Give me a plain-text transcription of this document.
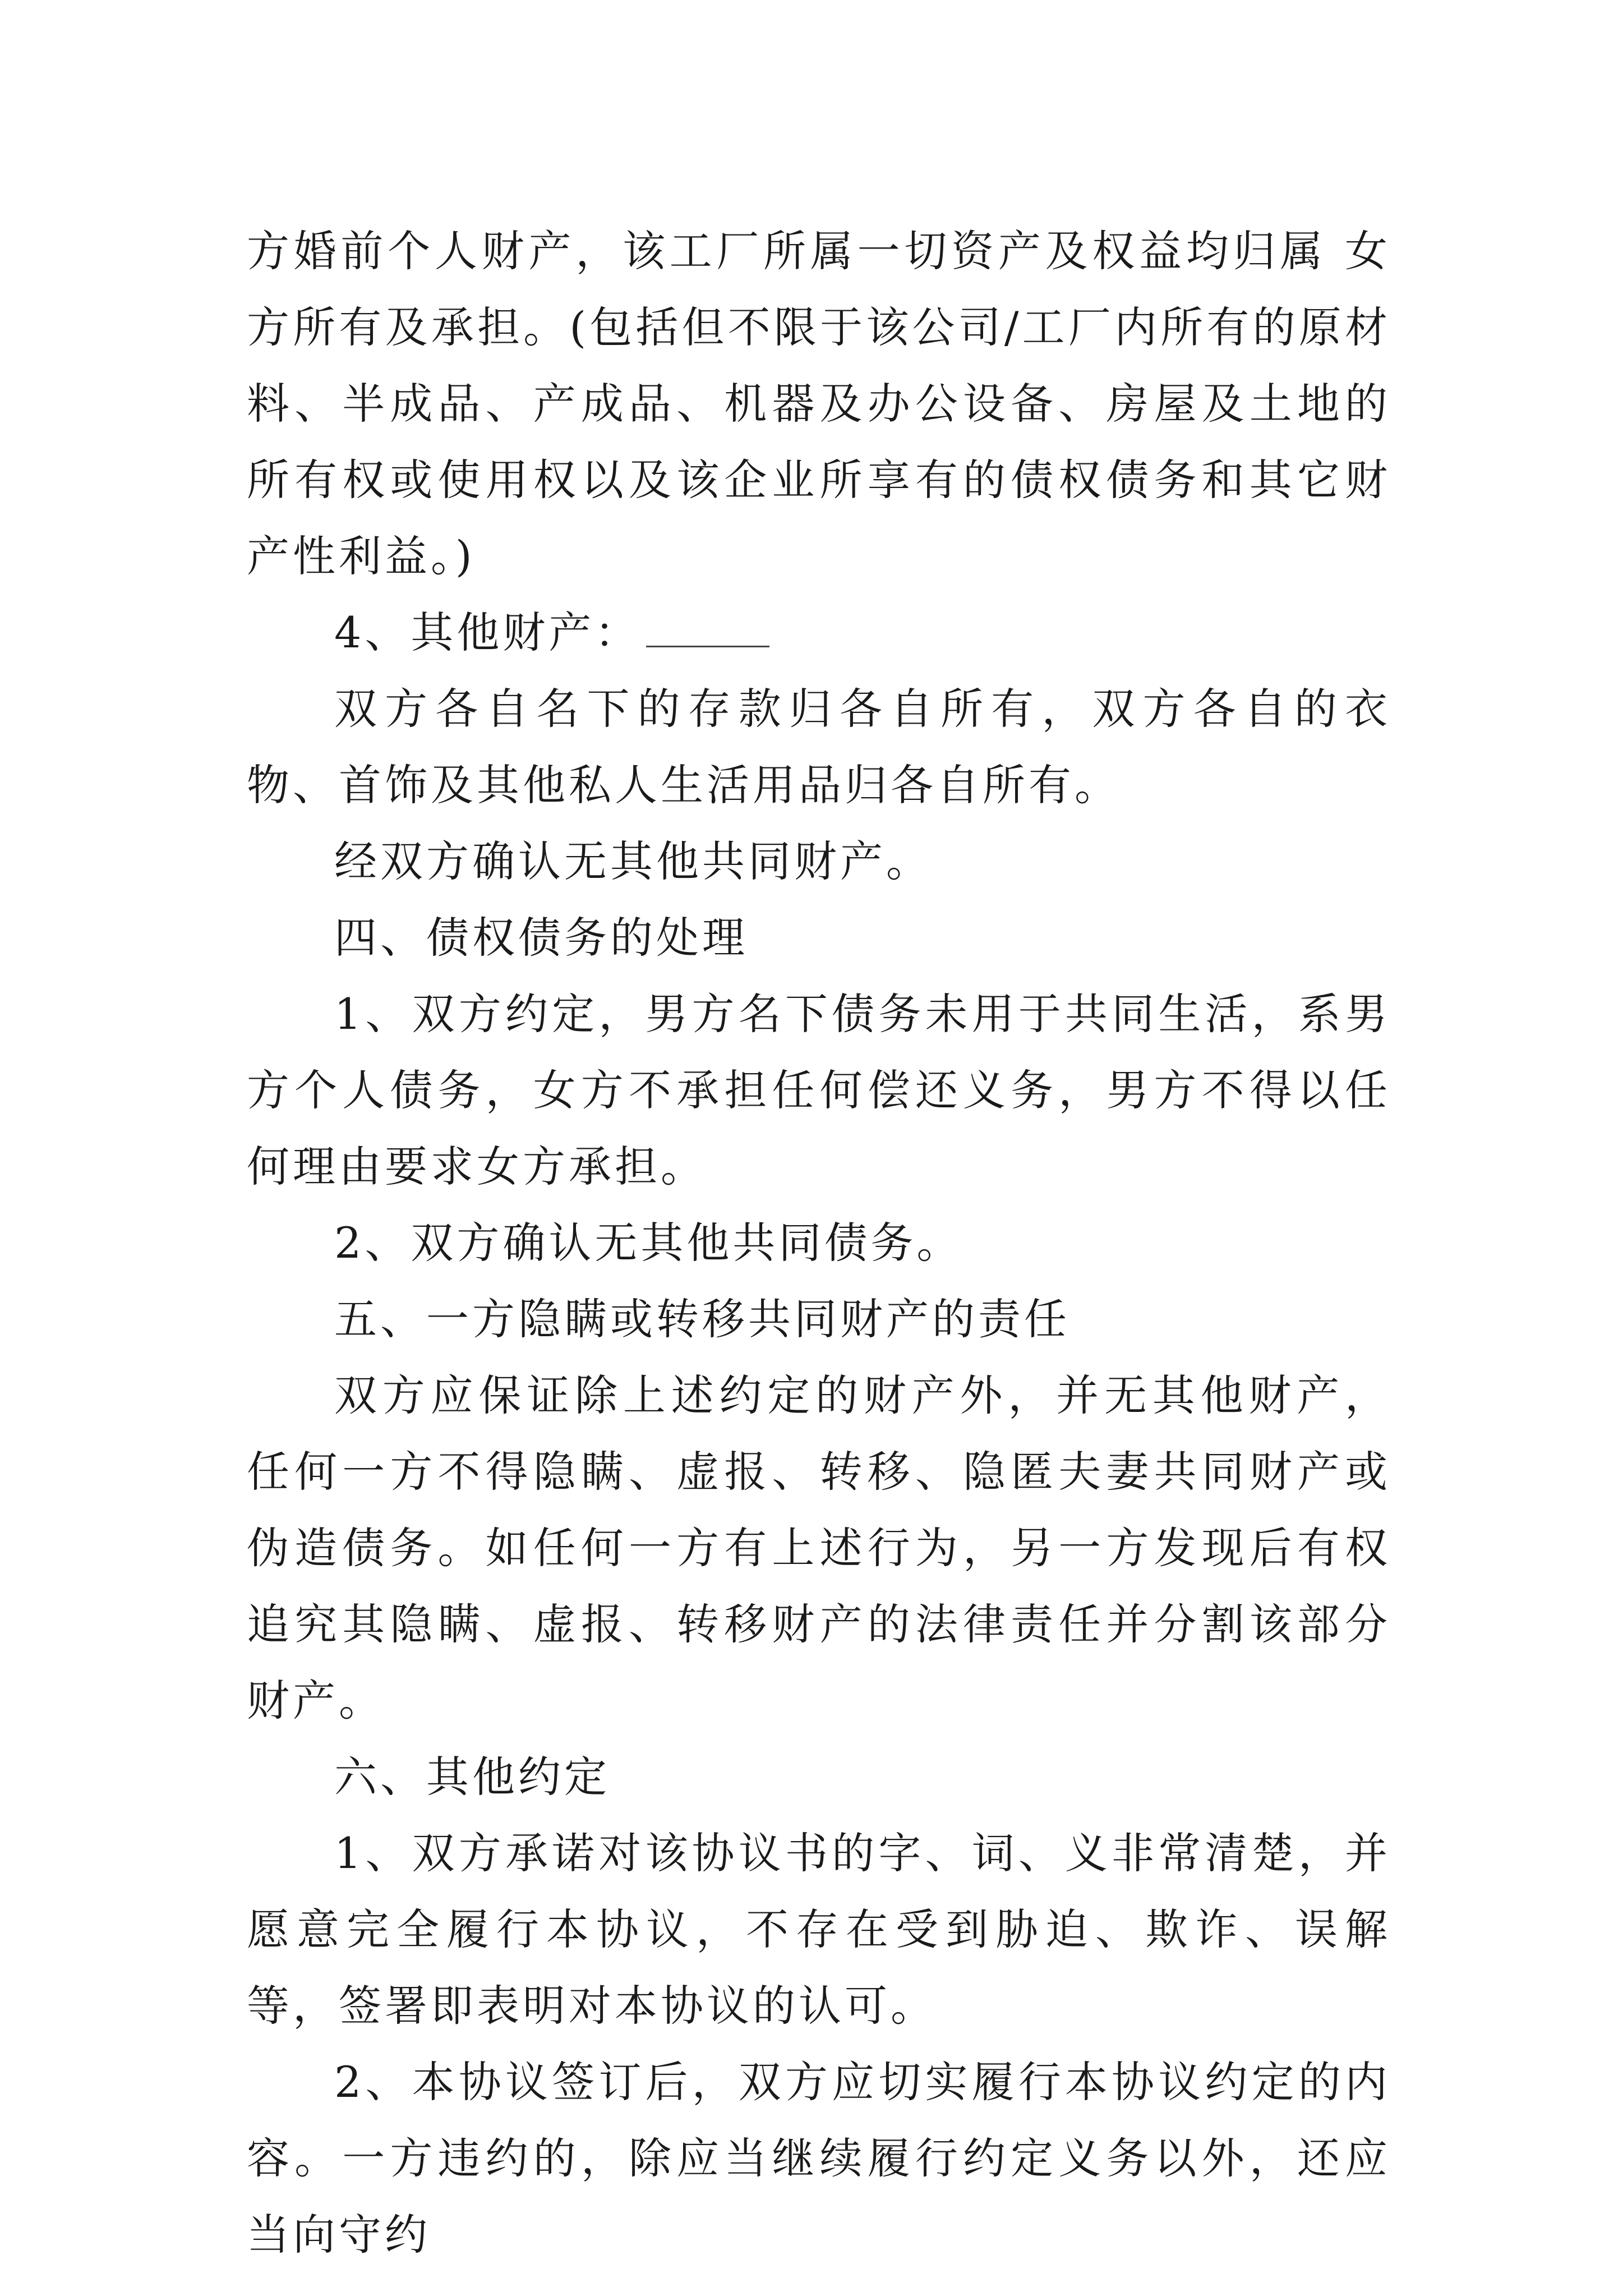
方婚前个人财产，该工厂所属一切资产及权益均归属 女 方所有及承担。(包括但不限于该公司/工厂内所有的原材料、半成品、产成品、机器及办公设备、房屋及土地的所有权或使用权以及该企业所享有的债权债务和其它财产性利益。)

4、其他财产：

双方各自名下的存款归各自所有，双方各自的衣物、首饰及其他私人生活用品归各自所有。

经双方确认无其他共同财产。

四、债权债务的处理

1、双方约定，男方名下债务未用于共同生活，系男方个人债务，女方不承担任何偿还义务，男方不得以任何理由要求女方承担。

2、双方确认无其他共同债务。

五、一方隐瞒或转移共同财产的责任

双方应保证除上述约定的财产外，并无其他财产，任何一方不得隐瞒、虚报、转移、隐匿夫妻共同财产或伪造债务。如任何一方有上述行为，另一方发现后有权追究其隐瞒、虚报、转移财产的法律责任并分割该部分财产。

六、其他约定

1、双方承诺对该协议书的字、词、义非常清楚，并愿意完全履行本协议，不存在受到胁迫、欺诈、误解等，签署即表明对本协议的认可。

2、本协议签订后，双方应切实履行本协议约定的内容。一方违约的，除应当继续履行约定义务以外，还应当向守约
